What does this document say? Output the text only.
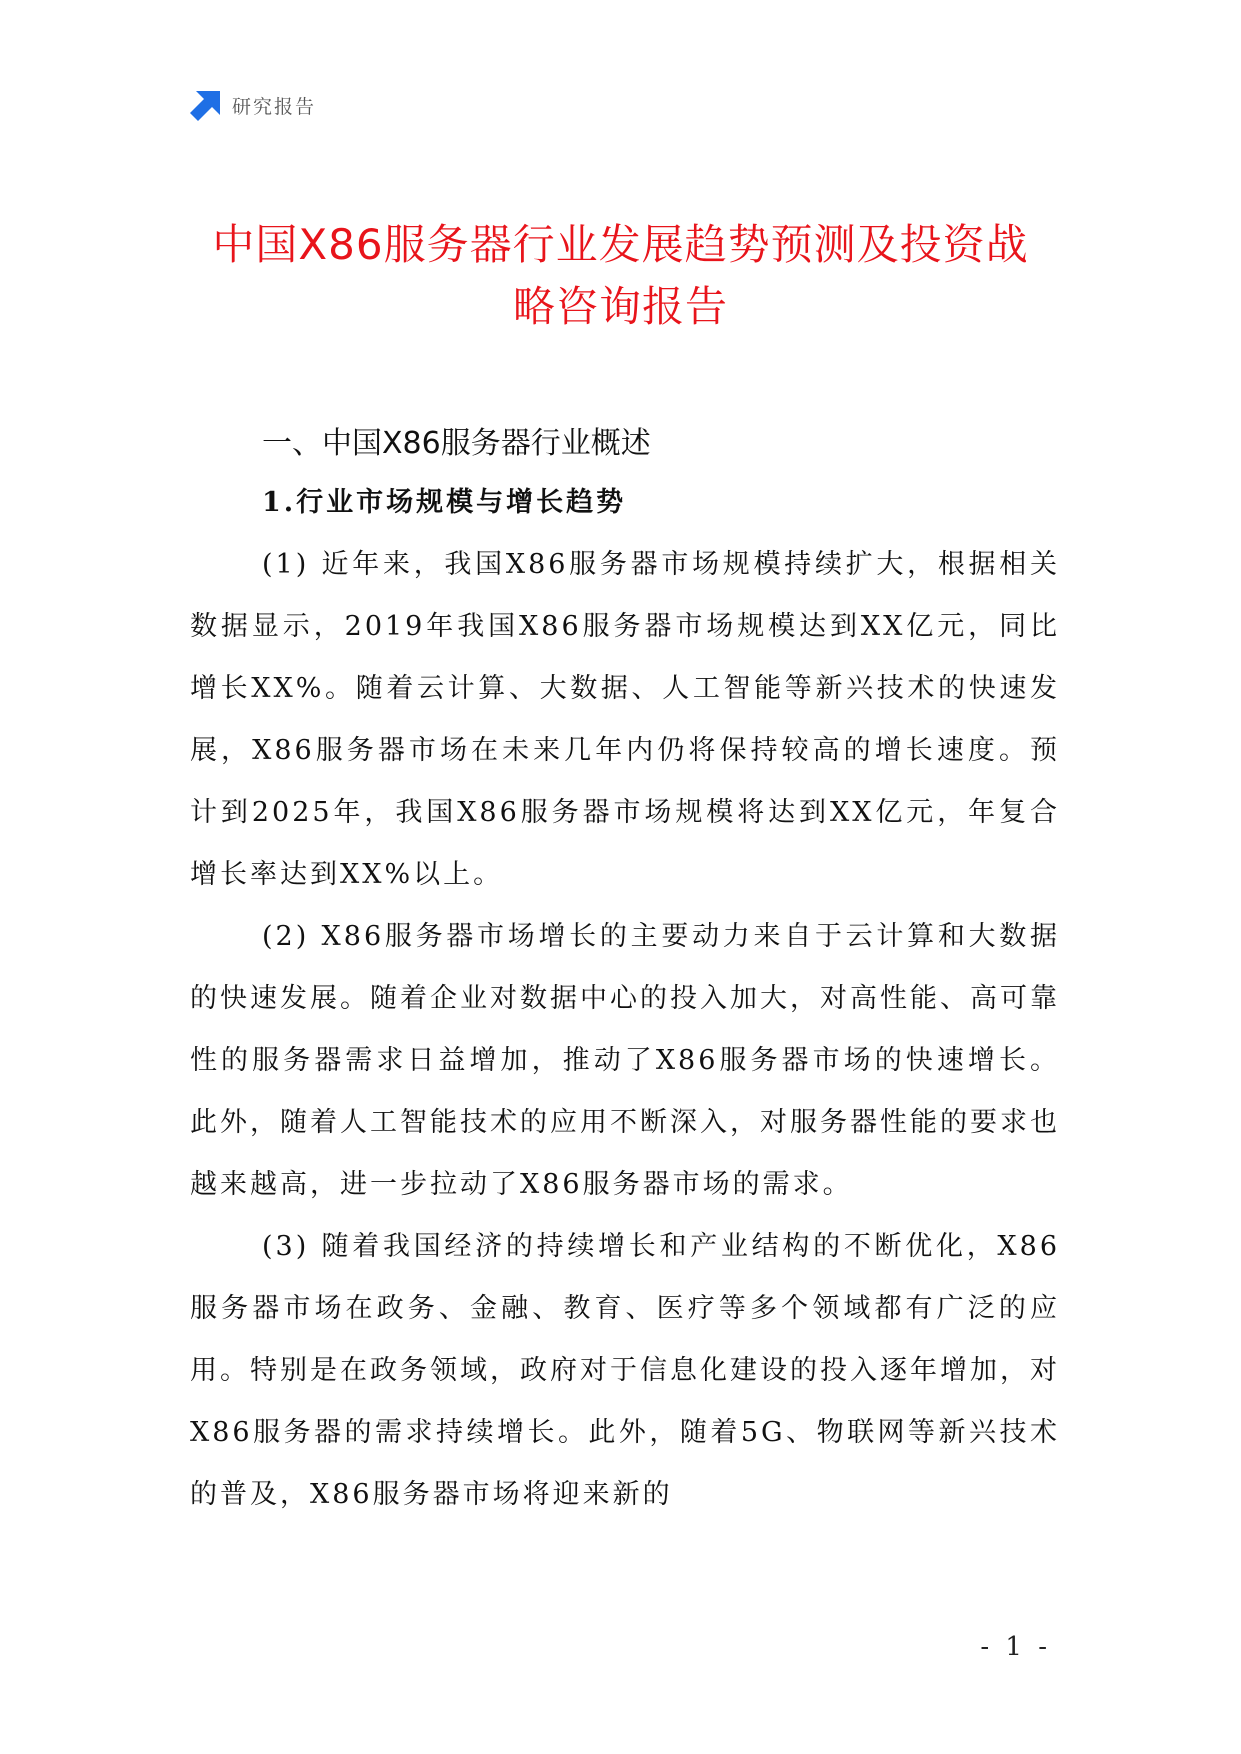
研究报告
中国X86服务器行业发展趋势预测及投资战
略咨询报告
一、中国X86服务器行业概述
1.行业市场规模与增长趋势

(1) 近年来，我国X86服务器市场规模持续扩大，根据相关数据显示，2019年我国X86服务器市场规模达到XX亿元，同比增长XX%。随着云计算、大数据、人工智能等新兴技术的快速发展，X86服务器市场在未来几年内仍将保持较高的增长速度。预计到2025年，我国X86服务器市场规模将达到XX亿元，年复合增长率达到XX%以上。

(2) X86服务器市场增长的主要动力来自于云计算和大数据的快速发展。随着企业对数据中心的投入加大，对高性能、高可靠性的服务器需求日益增加，推动了X86服务器市场的快速增长。此外，随着人工智能技术的应用不断深入，对服务器性能的要求也越来越高，进一步拉动了X86服务器市场的需求。

(3) 随着我国经济的持续增长和产业结构的不断优化，X86服务器市场在政务、金融、教育、医疗等多个领域都有广泛的应用。特别是在政务领域，政府对于信息化建设的投入逐年增加，对X86服务器的需求持续增长。此外，随着5G、物联网等新兴技术的普及，X86服务器市场将迎来新的

- 1 -
